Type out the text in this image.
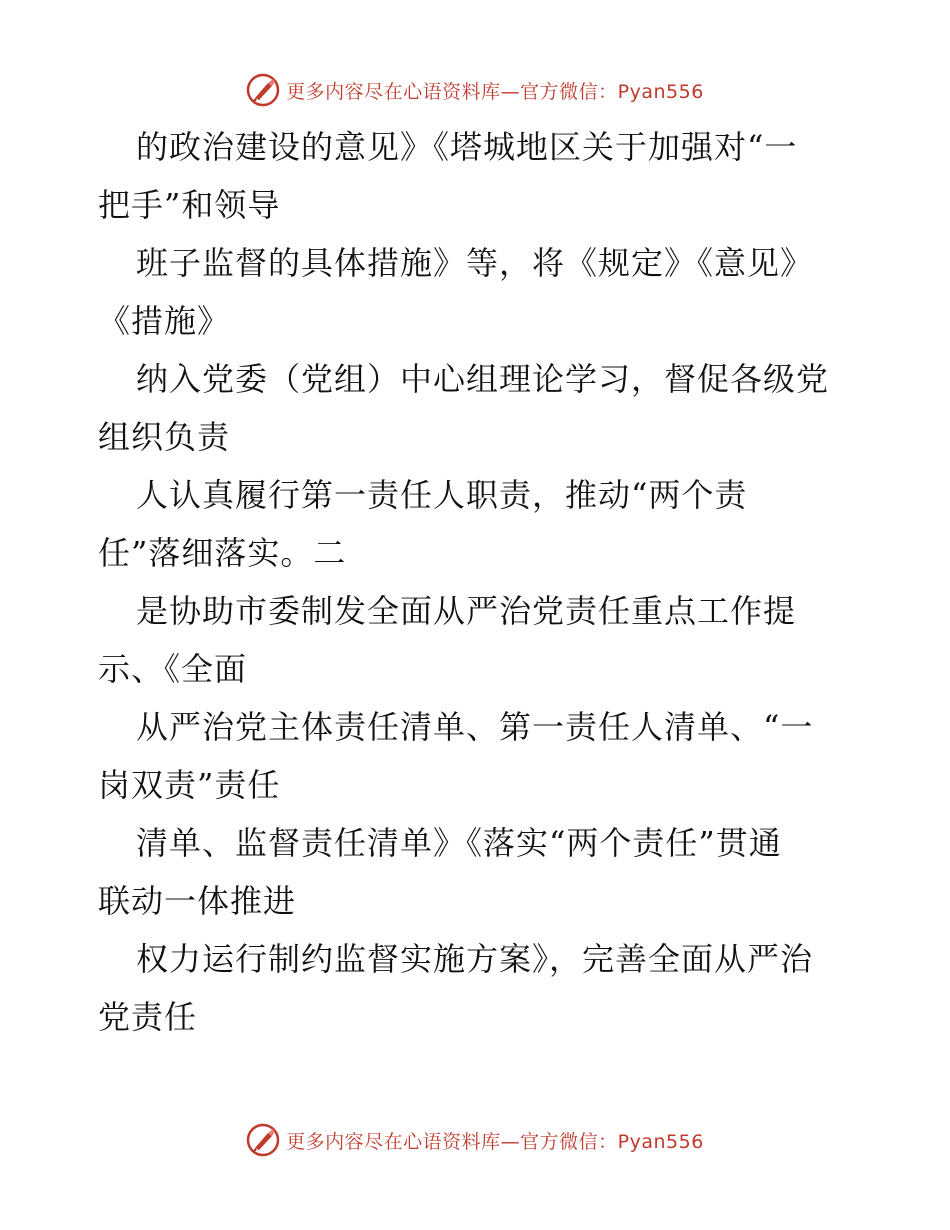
更多内容尽在心语资料库—官方微信：Pyan556
的政治建设的意见》《塔城地区关于加强对“一
把手”和领导
班子监督的具体措施》等，将《规定》《意见》
《措施》
纳入党委（党组）中心组理论学习，督促各级党
组织负责
人认真履行第一责任人职责，推动“两个责
任”落细落实。二
是协助市委制发全面从严治党责任重点工作提
示、《全面
从严治党主体责任清单、第一责任人清单、“一
岗双责”责任
清单、监督责任清单》《落实“两个责任”贯通
联动一体推进
权力运行制约监督实施方案》，完善全面从严治
党责任
更多内容尽在心语资料库—官方微信：Pyan556
